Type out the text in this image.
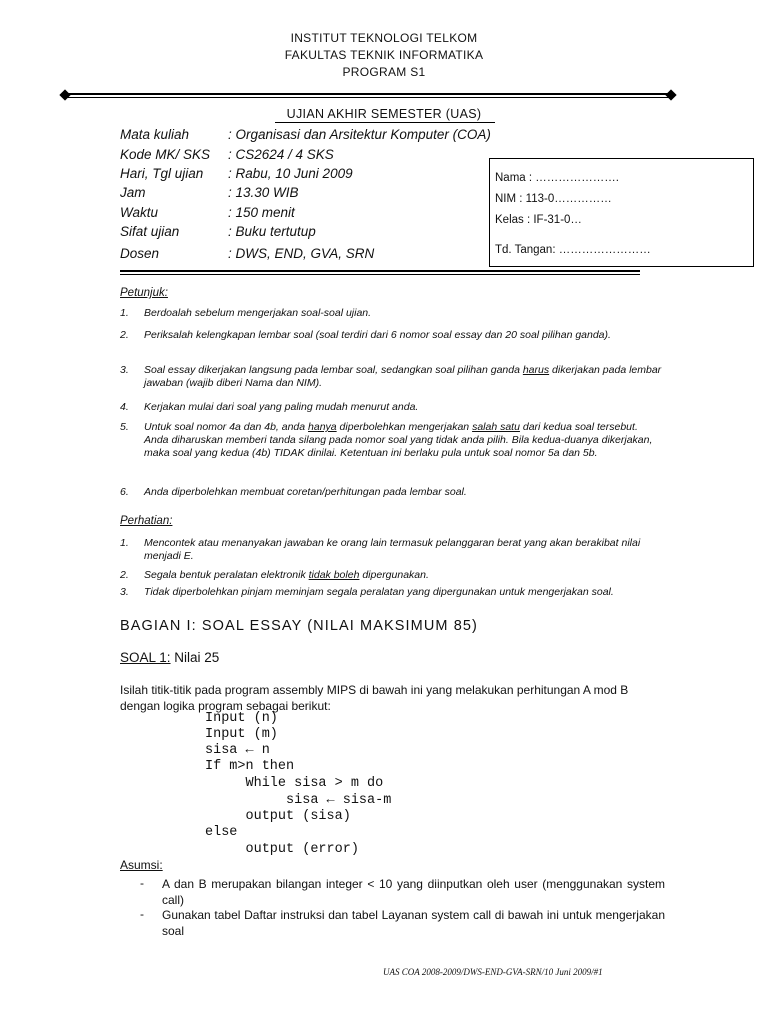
INSTITUT TEKNOLOGI TELKOM
FAKULTAS TEKNIK INFORMATIKA
PROGRAM S1
UJIAN AKHIR SEMESTER (UAS)
Mata kuliah	: Organisasi dan Arsitektur Komputer (COA)
Kode MK/ SKS	: CS2624 / 4 SKS
Hari, Tgl ujian	: Rabu, 10 Juni 2009
Jam	: 13.30 WIB
Waktu	: 150 menit
Sifat ujian	: Buku tertutup
Dosen	: DWS, END, GVA, SRN
Nama : ………………….
NIM : 113-0……………
Kelas : IF-31-0…
Td. Tangan: ……………………
Petunjuk:
1. Berdoalah sebelum mengerjakan soal-soal ujian.
2. Periksalah kelengkapan lembar soal (soal terdiri dari 6 nomor soal essay dan 20 soal pilihan ganda).
3. Soal essay dikerjakan langsung pada lembar soal, sedangkan soal pilihan ganda harus dikerjakan pada lembar jawaban (wajib diberi Nama dan NIM).
4. Kerjakan mulai dari soal yang paling mudah menurut anda.
5. Untuk soal nomor 4a dan 4b, anda hanya diperbolehkan mengerjakan salah satu dari kedua soal tersebut. Anda diharuskan memberi tanda silang pada nomor soal yang tidak anda pilih. Bila kedua-duanya dikerjakan, maka soal yang kedua (4b) TIDAK dinilai. Ketentuan ini berlaku pula untuk soal nomor 5a dan 5b.
6. Anda diperbolehkan membuat coretan/perhitungan pada lembar soal.
Perhatian:
1. Mencontek atau menanyakan jawaban ke orang lain termasuk pelanggaran berat yang akan berakibat nilai menjadi E.
2. Segala bentuk peralatan elektronik tidak boleh dipergunakan.
3. Tidak diperbolehkan pinjam meminjam segala peralatan yang dipergunakan untuk mengerjakan soal.
BAGIAN I: SOAL ESSAY (NILAI MAKSIMUM 85)
SOAL 1: Nilai 25
Isilah titik-titik pada program assembly MIPS di bawah ini yang melakukan perhitungan A mod B dengan logika program sebagai berikut:
Input (n)
Input (m)
sisa ← n
If m>n then
While sisa > m do
sisa ← sisa-m
output (sisa)
else
output (error)
Asumsi:
- A dan B merupakan bilangan integer < 10 yang diinputkan oleh user (menggunakan system call)
- Gunakan tabel Daftar instruksi dan tabel Layanan system call di bawah ini untuk mengerjakan soal
UAS COA 2008-2009/DWS-END-GVA-SRN/10 Juni 2009/#1
